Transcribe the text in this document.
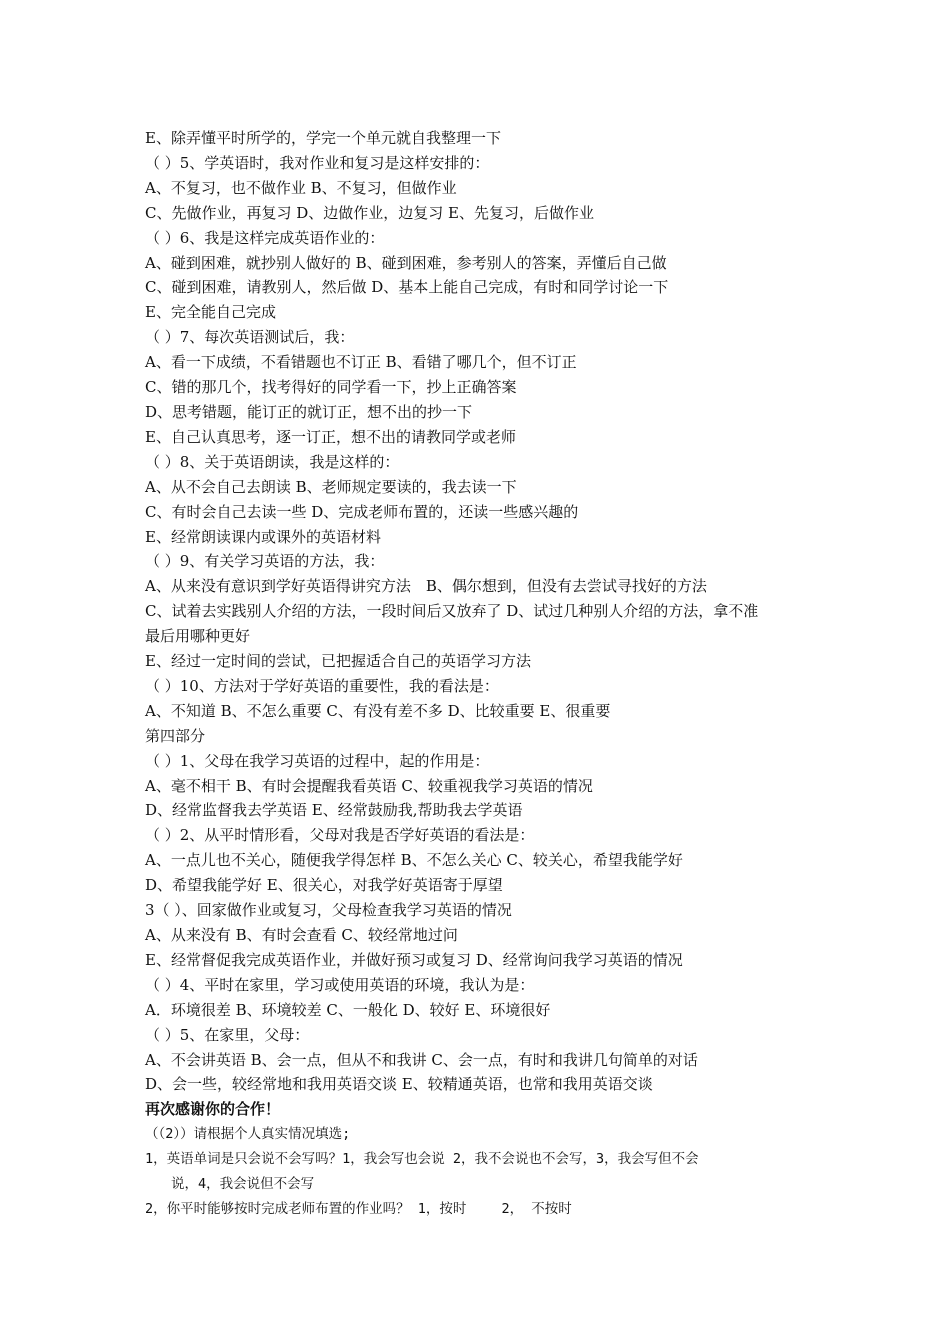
E、除弄懂平时所学的，学完一个单元就自我整理一下
（ ）5、学英语时，我对作业和复习是这样安排的：
A、不复习，也不做作业 B、不复习，但做作业
C、先做作业，再复习 D、边做作业，边复习 E、先复习，后做作业
（ ）6、我是这样完成英语作业的：
A、碰到困难，就抄别人做好的 B、碰到困难，参考别人的答案，弄懂后自己做
C、碰到困难，请教别人，然后做 D、基本上能自己完成，有时和同学讨论一下
E、完全能自己完成
（ ）7、每次英语测试后，我：
A、看一下成绩，不看错题也不订正 B、看错了哪几个，但不订正
C、错的那几个，找考得好的同学看一下，抄上正确答案
D、思考错题，能订正的就订正，想不出的抄一下
E、自己认真思考，逐一订正，想不出的请教同学或老师
（ ）8、关于英语朗读，我是这样的：
A、从不会自己去朗读 B、老师规定要读的，我去读一下
C、有时会自己去读一些 D、完成老师布置的，还读一些感兴趣的
E、经常朗读课内或课外的英语材料
（ ）9、有关学习英语的方法，我：
A、从来没有意识到学好英语得讲究方法　B、偶尔想到，但没有去尝试寻找好的方法
C、试着去实践别人介绍的方法，一段时间后又放弃了 D、试过几种别人介绍的方法，拿不准
最后用哪种更好
E、经过一定时间的尝试，已把握适合自己的英语学习方法
（ ）10、方法对于学好英语的重要性，我的看法是：
A、不知道 B、不怎么重要 C、有没有差不多 D、比较重要 E、很重要
第四部分
（ ）1、父母在我学习英语的过程中，起的作用是：
A、毫不相干 B、有时会提醒我看英语 C、较重视我学习英语的情况
D、经常监督我去学英语 E、经常鼓励我,帮助我去学英语
（ ）2、从平时情形看，父母对我是否学好英语的看法是：
A、一点儿也不关心，随便我学得怎样 B、不怎么关心 C、较关心，希望我能学好
D、希望我能学好 E、很关心，对我学好英语寄于厚望
3（ ）、回家做作业或复习，父母检查我学习英语的情况
A、从来没有 B、有时会查看 C、较经常地过问
E、经常督促我完成英语作业，并做好预习或复习 D、经常询问我学习英语的情况
（ ）4、平时在家里，学习或使用英语的环境，我认为是：
A．环境很差 B、环境较差 C、一般化 D、较好 E、环境很好
（ ）5、在家里，父母：
A、不会讲英语 B、会一点，但从不和我讲 C、会一点，有时和我讲几句简单的对话
D、会一些，较经常地和我用英语交谈 E、较精通英语，也常和我用英语交谈
再次感谢你的合作！
（（2））请根据个人真实情况填选;
1，英语单词是只会说不会写吗？1，我会写也会说 2，我不会说也不会写，3，我会写但不会
说，4，我会说但不会写
2，你平时能够按时完成老师布置的作业吗？ 1，按时　　 2， 不按时
